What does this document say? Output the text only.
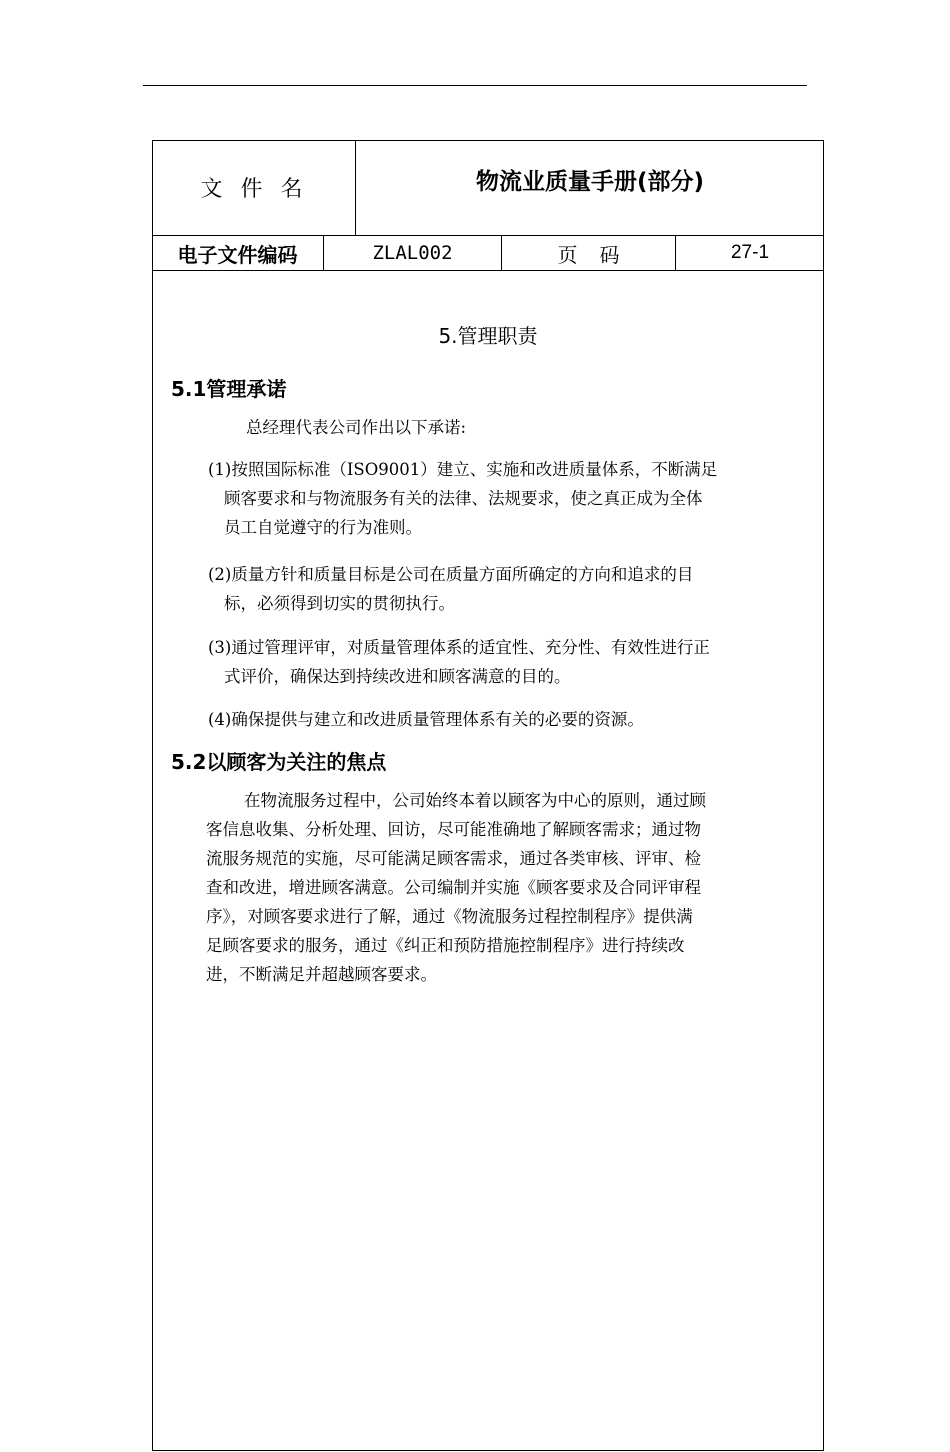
文件名	物流业质量手册(部分)
电子文件编码	ZLAL002	页码	27-1
5.管理职责
5.1管理承诺
总经理代表公司作出以下承诺:
(1)按照国际标准（ISO9001）建立、实施和改进质量体系，不断满足
顾客要求和与物流服务有关的法律、法规要求，使之真正成为全体
员工自觉遵守的行为准则。
(2)质量方针和质量目标是公司在质量方面所确定的方向和追求的目
标，必须得到切实的贯彻执行。
(3)通过管理评审，对质量管理体系的适宜性、充分性、有效性进行正
式评价，确保达到持续改进和顾客满意的目的。
(4)确保提供与建立和改进质量管理体系有关的必要的资源。
5.2以顾客为关注的焦点
在物流服务过程中，公司始终本着以顾客为中心的原则，通过顾
客信息收集、分析处理、回访，尽可能准确地了解顾客需求；通过物
流服务规范的实施，尽可能满足顾客需求，通过各类审核、评审、检
查和改进，增进顾客满意。公司编制并实施《顾客要求及合同评审程
序》，对顾客要求进行了解，通过《物流服务过程控制程序》提供满
足顾客要求的服务，通过《纠正和预防措施控制程序》进行持续改
进，不断满足并超越顾客要求。
